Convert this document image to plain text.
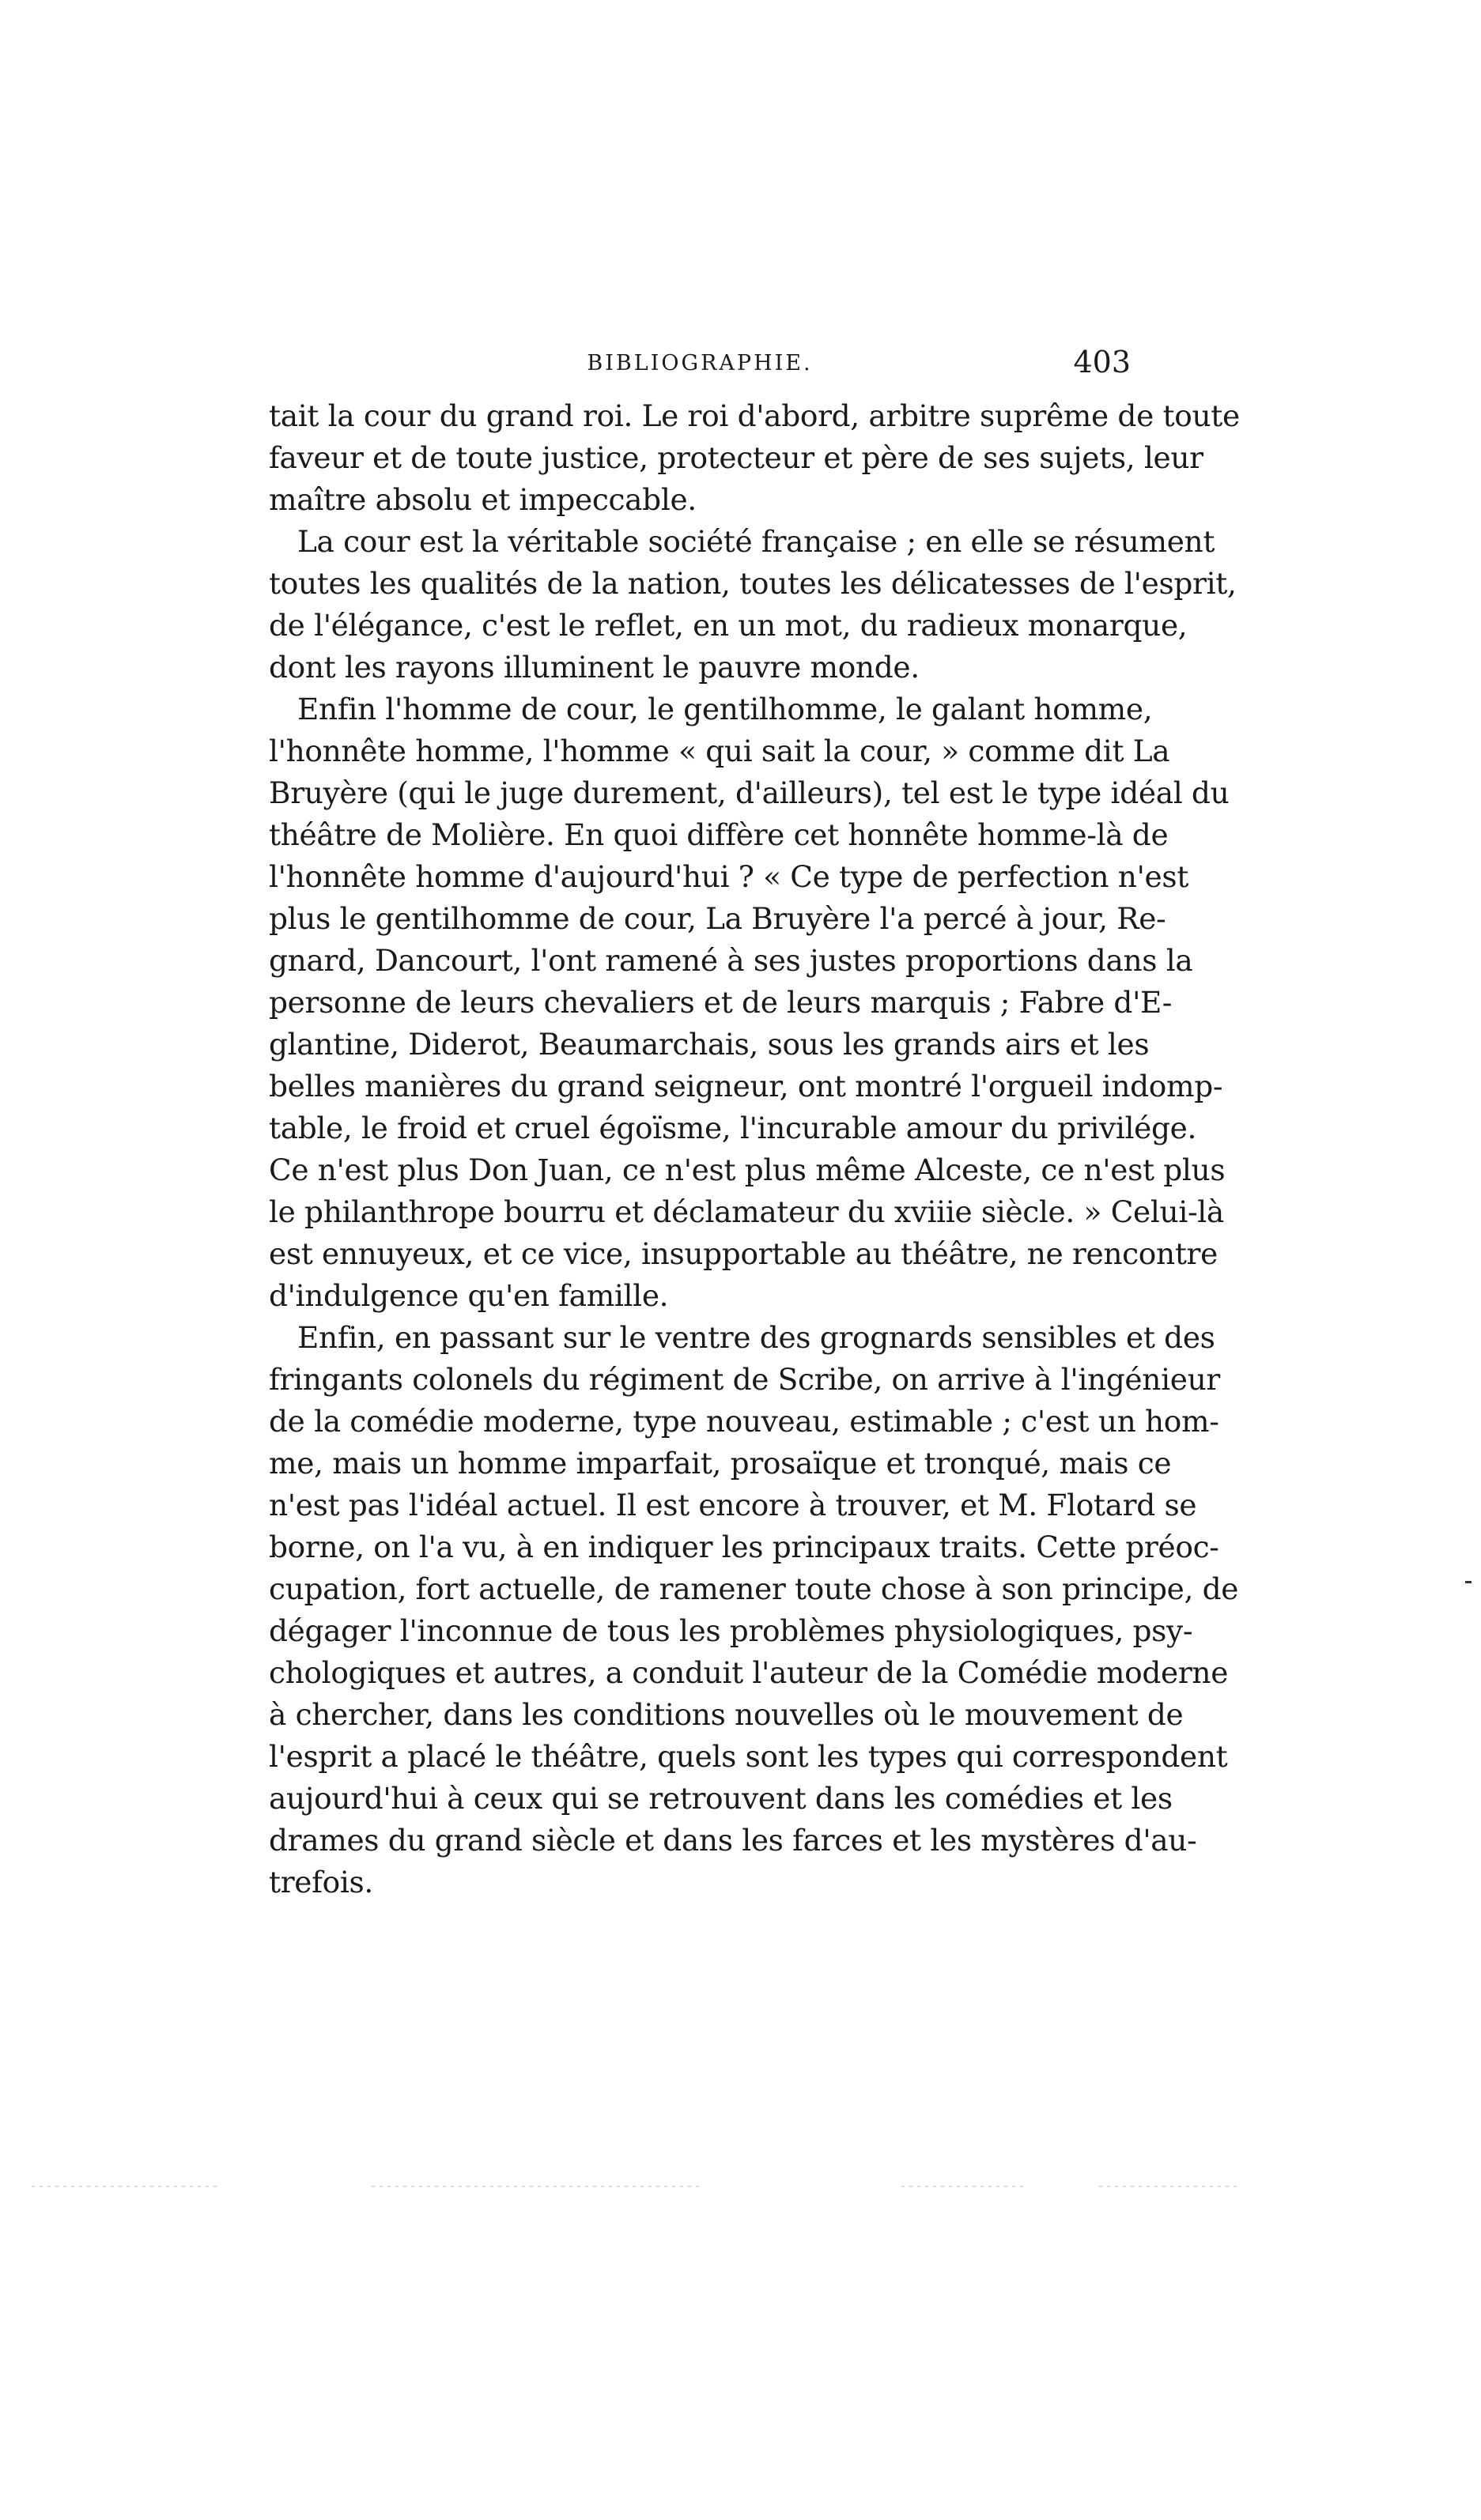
BIBLIOGRAPHIE.	403
tait la cour du grand roi. Le roi d'abord, arbitre suprême de toute
faveur et de toute justice, protecteur et père de ses sujets, leur
maître absolu et impeccable.
La cour est la véritable société française ; en elle se résument
toutes les qualités de la nation, toutes les délicatesses de l'esprit,
de l'élégance, c'est le reflet, en un mot, du radieux monarque,
dont les rayons illuminent le pauvre monde.
Enfin l'homme de cour, le gentilhomme, le galant homme,
l'honnête homme, l'homme « qui sait la cour, » comme dit La
Bruyère (qui le juge durement, d'ailleurs), tel est le type idéal du
théâtre de Molière. En quoi diffère cet honnête homme-là de
l'honnête homme d'aujourd'hui ? « Ce type de perfection n'est
plus le gentilhomme de cour, La Bruyère l'a percé à jour, Re-
gnard, Dancourt, l'ont ramené à ses justes proportions dans la
personne de leurs chevaliers et de leurs marquis ; Fabre d'E-
glantine, Diderot, Beaumarchais, sous les grands airs et les
belles manières du grand seigneur, ont montré l'orgueil indomp-
table, le froid et cruel égoïsme, l'incurable amour du privilége.
Ce n'est plus Don Juan, ce n'est plus même Alceste, ce n'est plus
le philanthrope bourru et déclamateur du xviiie siècle. » Celui-là
est ennuyeux, et ce vice, insupportable au théâtre, ne rencontre
d'indulgence qu'en famille.
Enfin, en passant sur le ventre des grognards sensibles et des
fringants colonels du régiment de Scribe, on arrive à l'ingénieur
de la comédie moderne, type nouveau, estimable ; c'est un hom-
me, mais un homme imparfait, prosaïque et tronqué, mais ce
n'est pas l'idéal actuel. Il est encore à trouver, et M. Flotard se
borne, on l'a vu, à en indiquer les principaux traits. Cette préoc-
cupation, fort actuelle, de ramener toute chose à son principe, de
dégager l'inconnue de tous les problèmes physiologiques, psy-
chologiques et autres, a conduit l'auteur de la Comédie moderne
à chercher, dans les conditions nouvelles où le mouvement de
l'esprit a placé le théâtre, quels sont les types qui correspondent
aujourd'hui à ceux qui se retrouvent dans les comédies et les
drames du grand siècle et dans les farces et les mystères d'au-
trefois.
